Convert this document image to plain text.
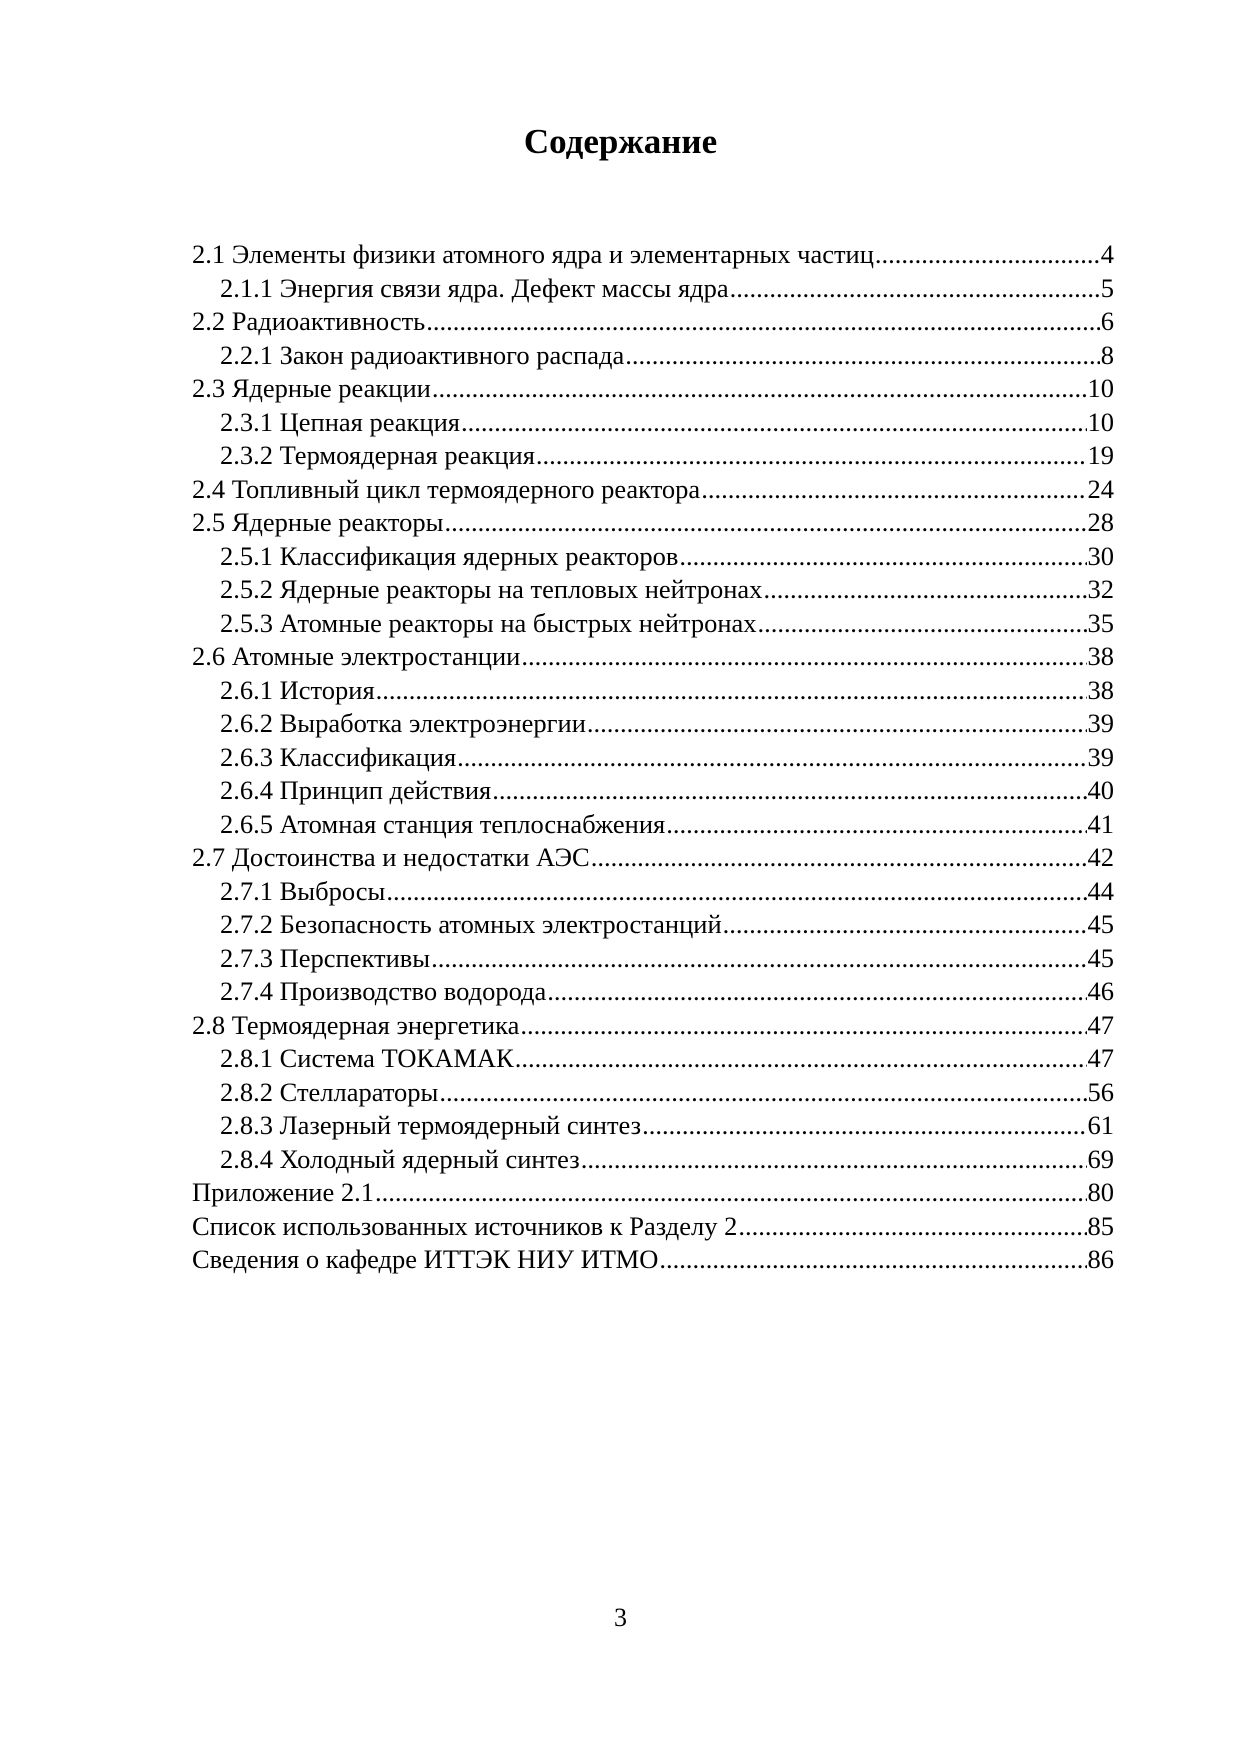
Содержание
2.1 Элементы физики атомного ядра и элементарных частиц .....	4
2.1.1 Энергия связи ядра. Дефект массы ядра .....	5
2.2 Радиоактивность .....	6
2.2.1 Закон радиоактивного распада .....	8
2.3 Ядерные реакции .....	10
2.3.1 Цепная реакция .....	10
2.3.2 Термоядерная реакция .....	19
2.4 Топливный цикл термоядерного реактора .....	24
2.5 Ядерные реакторы .....	28
2.5.1 Классификация ядерных реакторов .....	30
2.5.2 Ядерные реакторы на тепловых нейтронах .....	32
2.5.3 Атомные реакторы на быстрых нейтронах .....	35
2.6 Атомные электростанции .....	38
2.6.1 История .....	38
2.6.2 Выработка электроэнергии .....	39
2.6.3 Классификация .....	39
2.6.4 Принцип действия .....	40
2.6.5 Атомная станция теплоснабжения .....	41
2.7 Достоинства и недостатки АЭС .....	42
2.7.1 Выбросы .....	44
2.7.2 Безопасность атомных электростанций .....	45
2.7.3 Перспективы .....	45
2.7.4 Производство водорода .....	46
2.8 Термоядерная энергетика .....	47
2.8.1 Система ТОКАМАК .....	47
2.8.2 Стеллараторы .....	56
2.8.3 Лазерный термоядерный синтез .....	61
2.8.4 Холодный ядерный синтез .....	69
Приложение 2.1 .....	80
Список использованных источников к Разделу 2 .....	85
Сведения о кафедре ИТТЭК НИУ ИТМО .....	86
3
